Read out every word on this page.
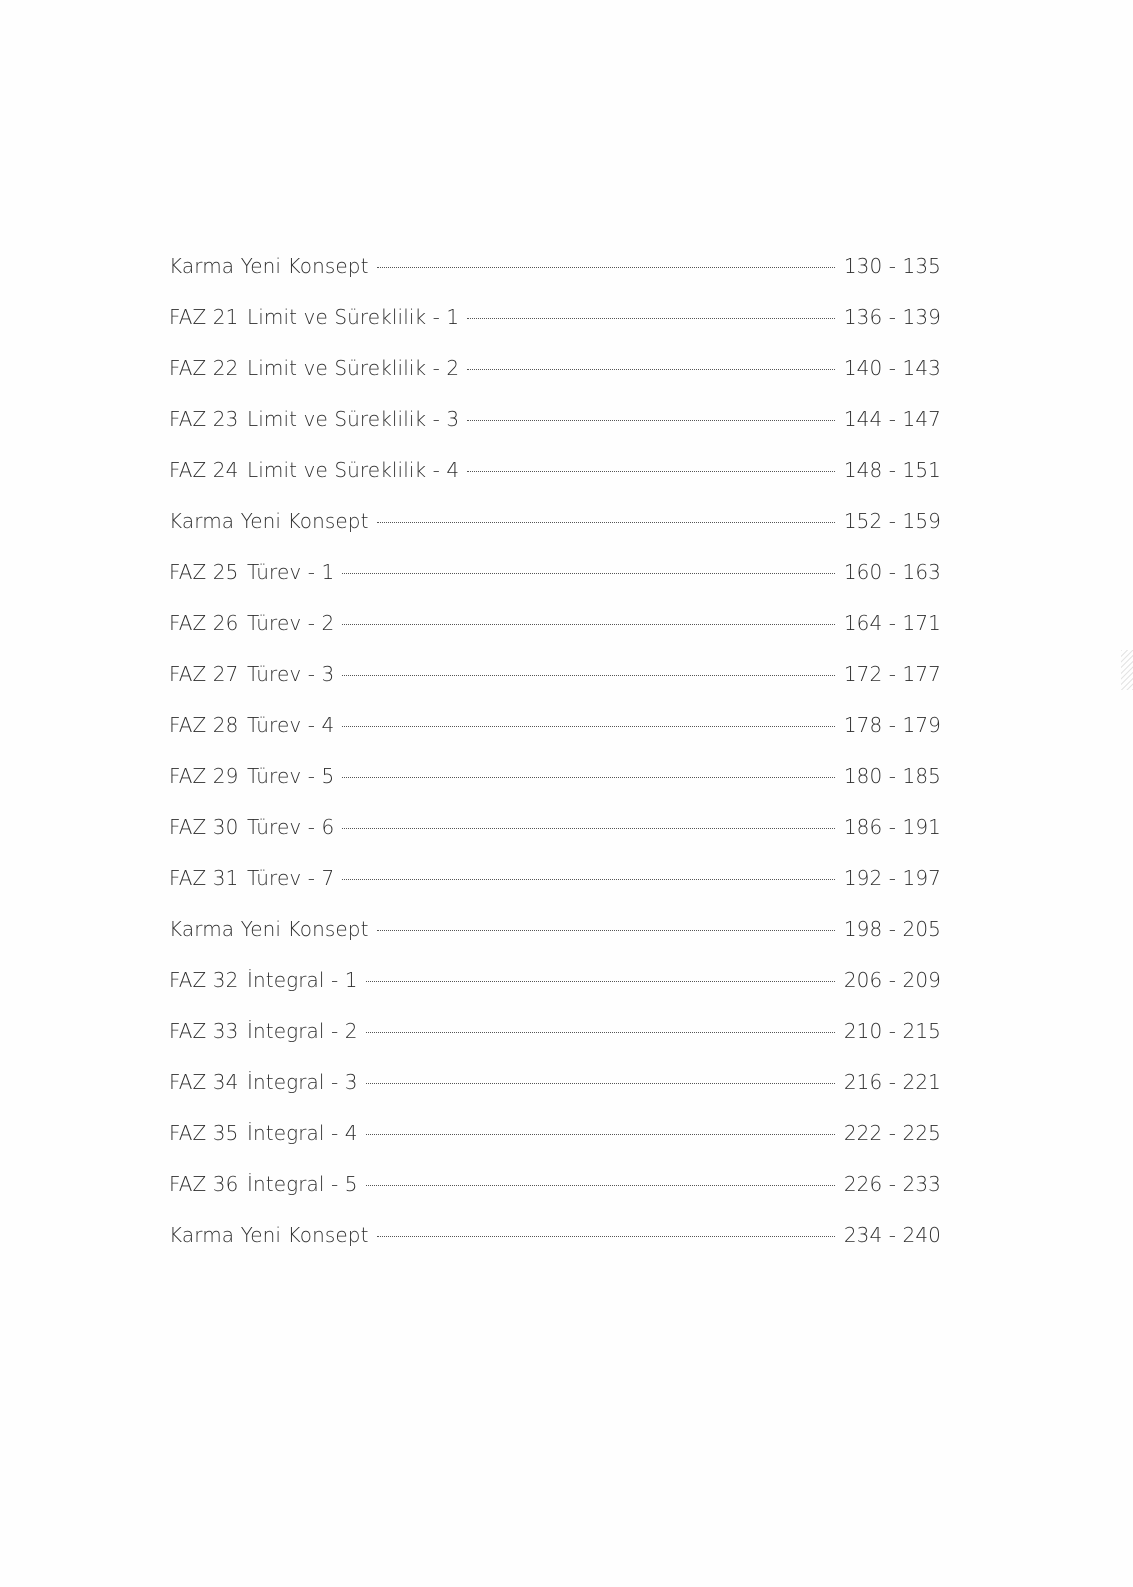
Karma Yeni Konsept	130 - 135
FAZ 21 Limit ve Süreklilik - 1	136 - 139
FAZ 22 Limit ve Süreklilik - 2	140 - 143
FAZ 23 Limit ve Süreklilik - 3	144 - 147
FAZ 24 Limit ve Süreklilik - 4	148 - 151
Karma Yeni Konsept	152 - 159
FAZ 25 Türev - 1	160 - 163
FAZ 26 Türev - 2	164 - 171
FAZ 27 Türev - 3	172 - 177
FAZ 28 Türev - 4	178 - 179
FAZ 29 Türev - 5	180 - 185
FAZ 30 Türev - 6	186 - 191
FAZ 31 Türev - 7	192 - 197
Karma Yeni Konsept	198 - 205
FAZ 32 İntegral - 1	206 - 209
FAZ 33 İntegral - 2	210 - 215
FAZ 34 İntegral - 3	216 - 221
FAZ 35 İntegral - 4	222 - 225
FAZ 36 İntegral - 5	226 - 233
Karma Yeni Konsept	234 - 240
